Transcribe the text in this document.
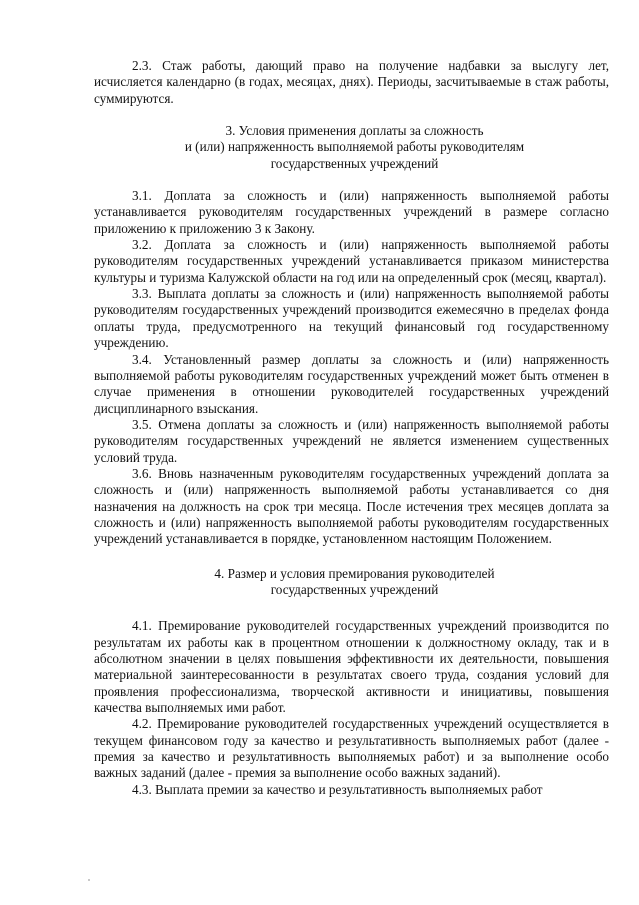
2.3. Стаж работы, дающий право на получение надбавки за выслугу лет, исчисляется календарно (в годах, месяцах, днях). Периоды, засчитываемые в стаж работы, суммируются.

3. Условия применения доплаты за сложность
и (или) напряженность выполняемой работы руководителям
государственных учреждений

3.1. Доплата за сложность и (или) напряженность выполняемой работы устанавливается руководителям государственных учреждений в размере согласно приложению к приложению 3 к Закону.

3.2. Доплата за сложность и (или) напряженность выполняемой работы руководителям государственных учреждений устанавливается приказом министерства культуры и туризма Калужской области на год или на определенный срок (месяц, квартал).

3.3. Выплата доплаты за сложность и (или) напряженность выполняемой работы руководителям государственных учреждений производится ежемесячно в пределах фонда оплаты труда, предусмотренного на текущий финансовый год государственному учреждению.

3.4. Установленный размер доплаты за сложность и (или) напряженность выполняемой работы руководителям государственных учреждений может быть отменен в случае применения в отношении руководителей государственных учреждений дисциплинарного взыскания.

3.5. Отмена доплаты за сложность и (или) напряженность выполняемой работы руководителям государственных учреждений не является изменением существенных условий труда.

3.6. Вновь назначенным руководителям государственных учреждений доплата за сложность и (или) напряженность выполняемой работы устанавливается со дня назначения на должность на срок три месяца. После истечения трех месяцев доплата за сложность и (или) напряженность выполняемой работы руководителям государственных учреждений устанавливается в порядке, установленном настоящим Положением.

4. Размер и условия премирования руководителей
государственных учреждений

4.1. Премирование руководителей государственных учреждений производится по результатам их работы как в процентном отношении к должностному окладу, так и в абсолютном значении в целях повышения эффективности их деятельности, повышения материальной заинтересованности в результатах своего труда, создания условий для проявления профессионализма, творческой активности и инициативы, повышения качества выполняемых ими работ.

4.2. Премирование руководителей государственных учреждений осуществляется в текущем финансовом году за качество и результативность выполняемых работ (далее - премия за качество и результативность выполняемых работ) и за выполнение особо важных заданий (далее - премия за выполнение особо важных заданий).

4.3. Выплата премии за качество и результативность выполняемых работ
